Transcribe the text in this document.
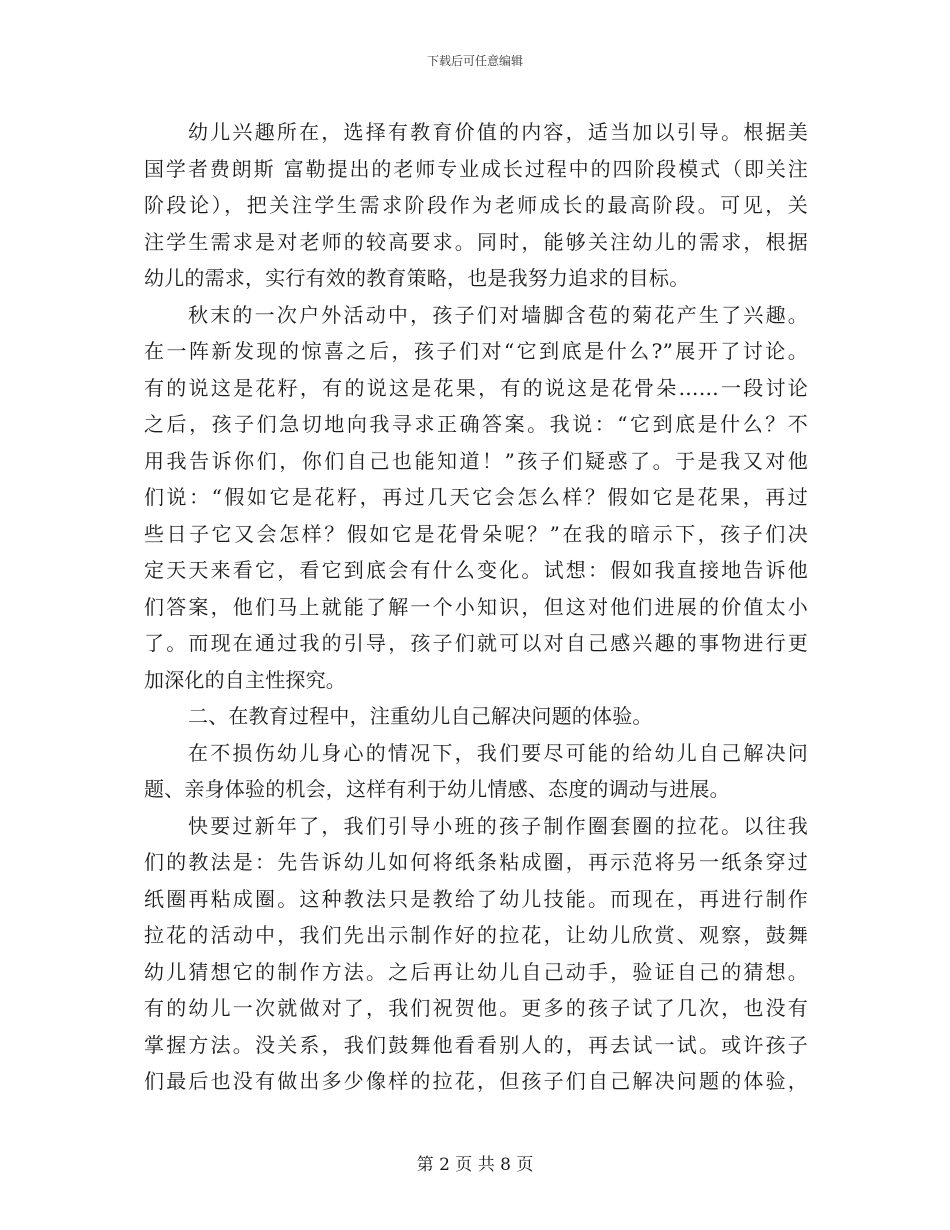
下载后可任意编辑
幼儿兴趣所在，选择有教育价值的内容，适当加以引导。根据美
国学者费朗斯 富勒提出的老师专业成长过程中的四阶段模式（即关注
阶段论），把关注学生需求阶段作为老师成长的最高阶段。可见，关
注学生需求是对老师的较高要求。同时，能够关注幼儿的需求，根据
幼儿的需求，实行有效的教育策略，也是我努力追求的目标。
秋末的一次户外活动中，孩子们对墙脚含苞的菊花产生了兴趣。
在一阵新发现的惊喜之后，孩子们对“它到底是什么?”展开了讨论。
有的说这是花籽，有的说这是花果，有的说这是花骨朵……一段讨论
之后，孩子们急切地向我寻求正确答案。我说：“它到底是什么？不
用我告诉你们，你们自己也能知道！”孩子们疑惑了。于是我又对他
们说：“假如它是花籽，再过几天它会怎么样？假如它是花果，再过
些日子它又会怎样？假如它是花骨朵呢？”在我的暗示下，孩子们决
定天天来看它，看它到底会有什么变化。试想：假如我直接地告诉他
们答案，他们马上就能了解一个小知识，但这对他们进展的价值太小
了。而现在通过我的引导，孩子们就可以对自己感兴趣的事物进行更
加深化的自主性探究。
二、在教育过程中，注重幼儿自己解决问题的体验。
在不损伤幼儿身心的情况下，我们要尽可能的给幼儿自己解决问
题、亲身体验的机会，这样有利于幼儿情感、态度的调动与进展。
快要过新年了，我们引导小班的孩子制作圈套圈的拉花。以往我
们的教法是：先告诉幼儿如何将纸条粘成圈，再示范将另一纸条穿过
纸圈再粘成圈。这种教法只是教给了幼儿技能。而现在，再进行制作
拉花的活动中，我们先出示制作好的拉花，让幼儿欣赏、观察，鼓舞
幼儿猜想它的制作方法。之后再让幼儿自己动手，验证自己的猜想。
有的幼儿一次就做对了，我们祝贺他。更多的孩子试了几次，也没有
掌握方法。没关系，我们鼓舞他看看别人的，再去试一试。或许孩子
们最后也没有做出多少像样的拉花，但孩子们自己解决问题的体验，
第 2 页 共 8 页
